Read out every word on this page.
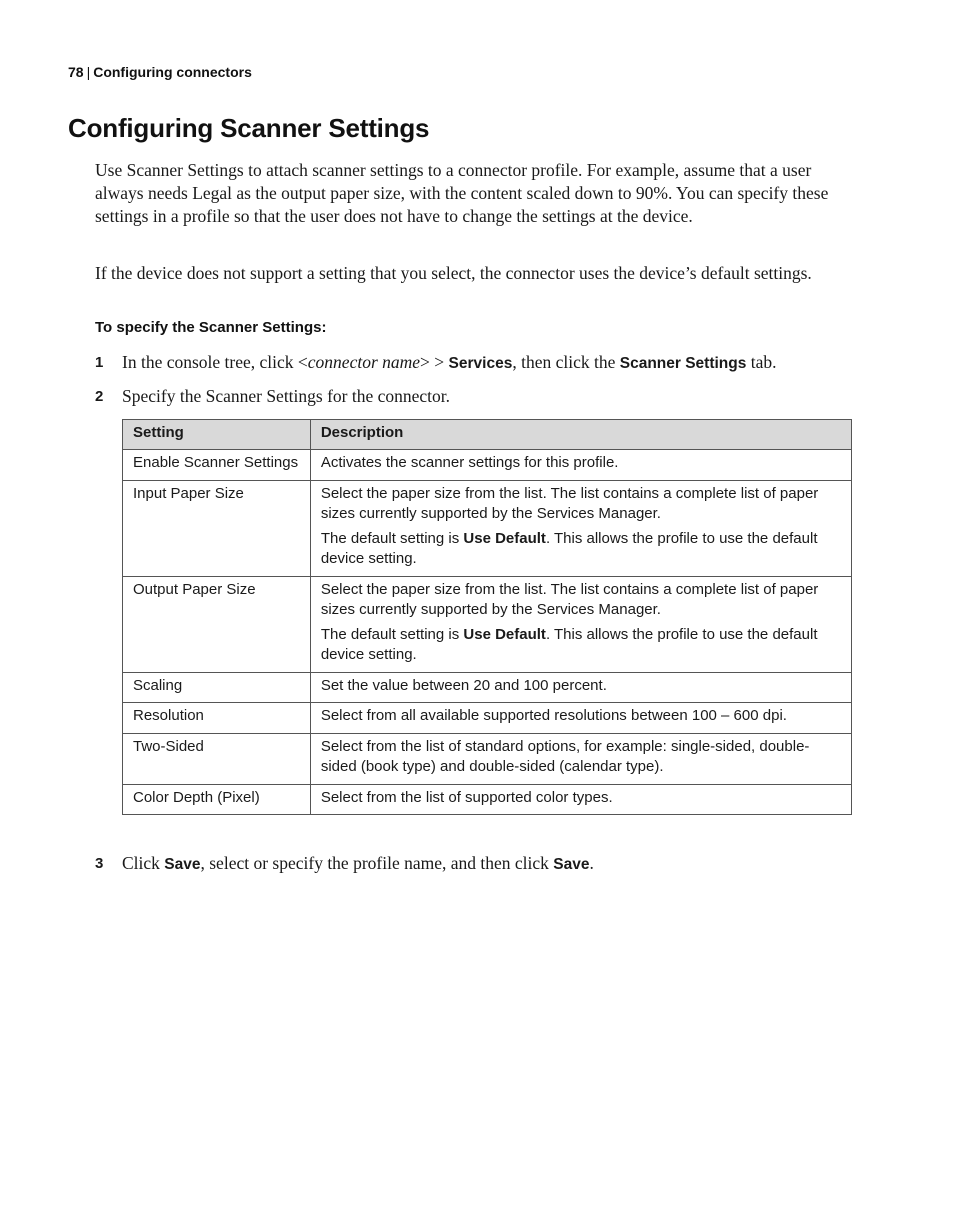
78 | Configuring connectors
Configuring Scanner Settings

Use Scanner Settings to attach scanner settings to a connector profile. For example, assume that a user always needs Legal as the output paper size, with the content scaled down to 90%. You can specify these settings in a profile so that the user does not have to change the settings at the device.

If the device does not support a setting that you select, the connector uses the device’s default settings.

To specify the Scanner Settings:
1 In the console tree, click <connector name> > Services, then click the Scanner Settings tab.
2 Specify the Scanner Settings for the connector.
Setting	Description
Enable Scanner Settings	Activates the scanner settings for this profile.

Input Paper Size	Select the paper size from the list. The list contains a complete list of paper sizes currently supported by the Services Manager.

The default setting is Use Default. This allows the profile to use the default device setting.

Output Paper Size	Select the paper size from the list. The list contains a complete list of paper sizes currently supported by the Services Manager.

The default setting is Use Default. This allows the profile to use the default device setting.

Scaling	Set the value between 20 and 100 percent.

Resolution	Select from all available supported resolutions between 100 – 600 dpi.

Two-Sided	Select from the list of standard options, for example: single-sided, double-sided (book type) and double-sided (calendar type).

Color Depth (Pixel)	Select from the list of supported color types.

3 Click Save, select or specify the profile name, and then click Save.
